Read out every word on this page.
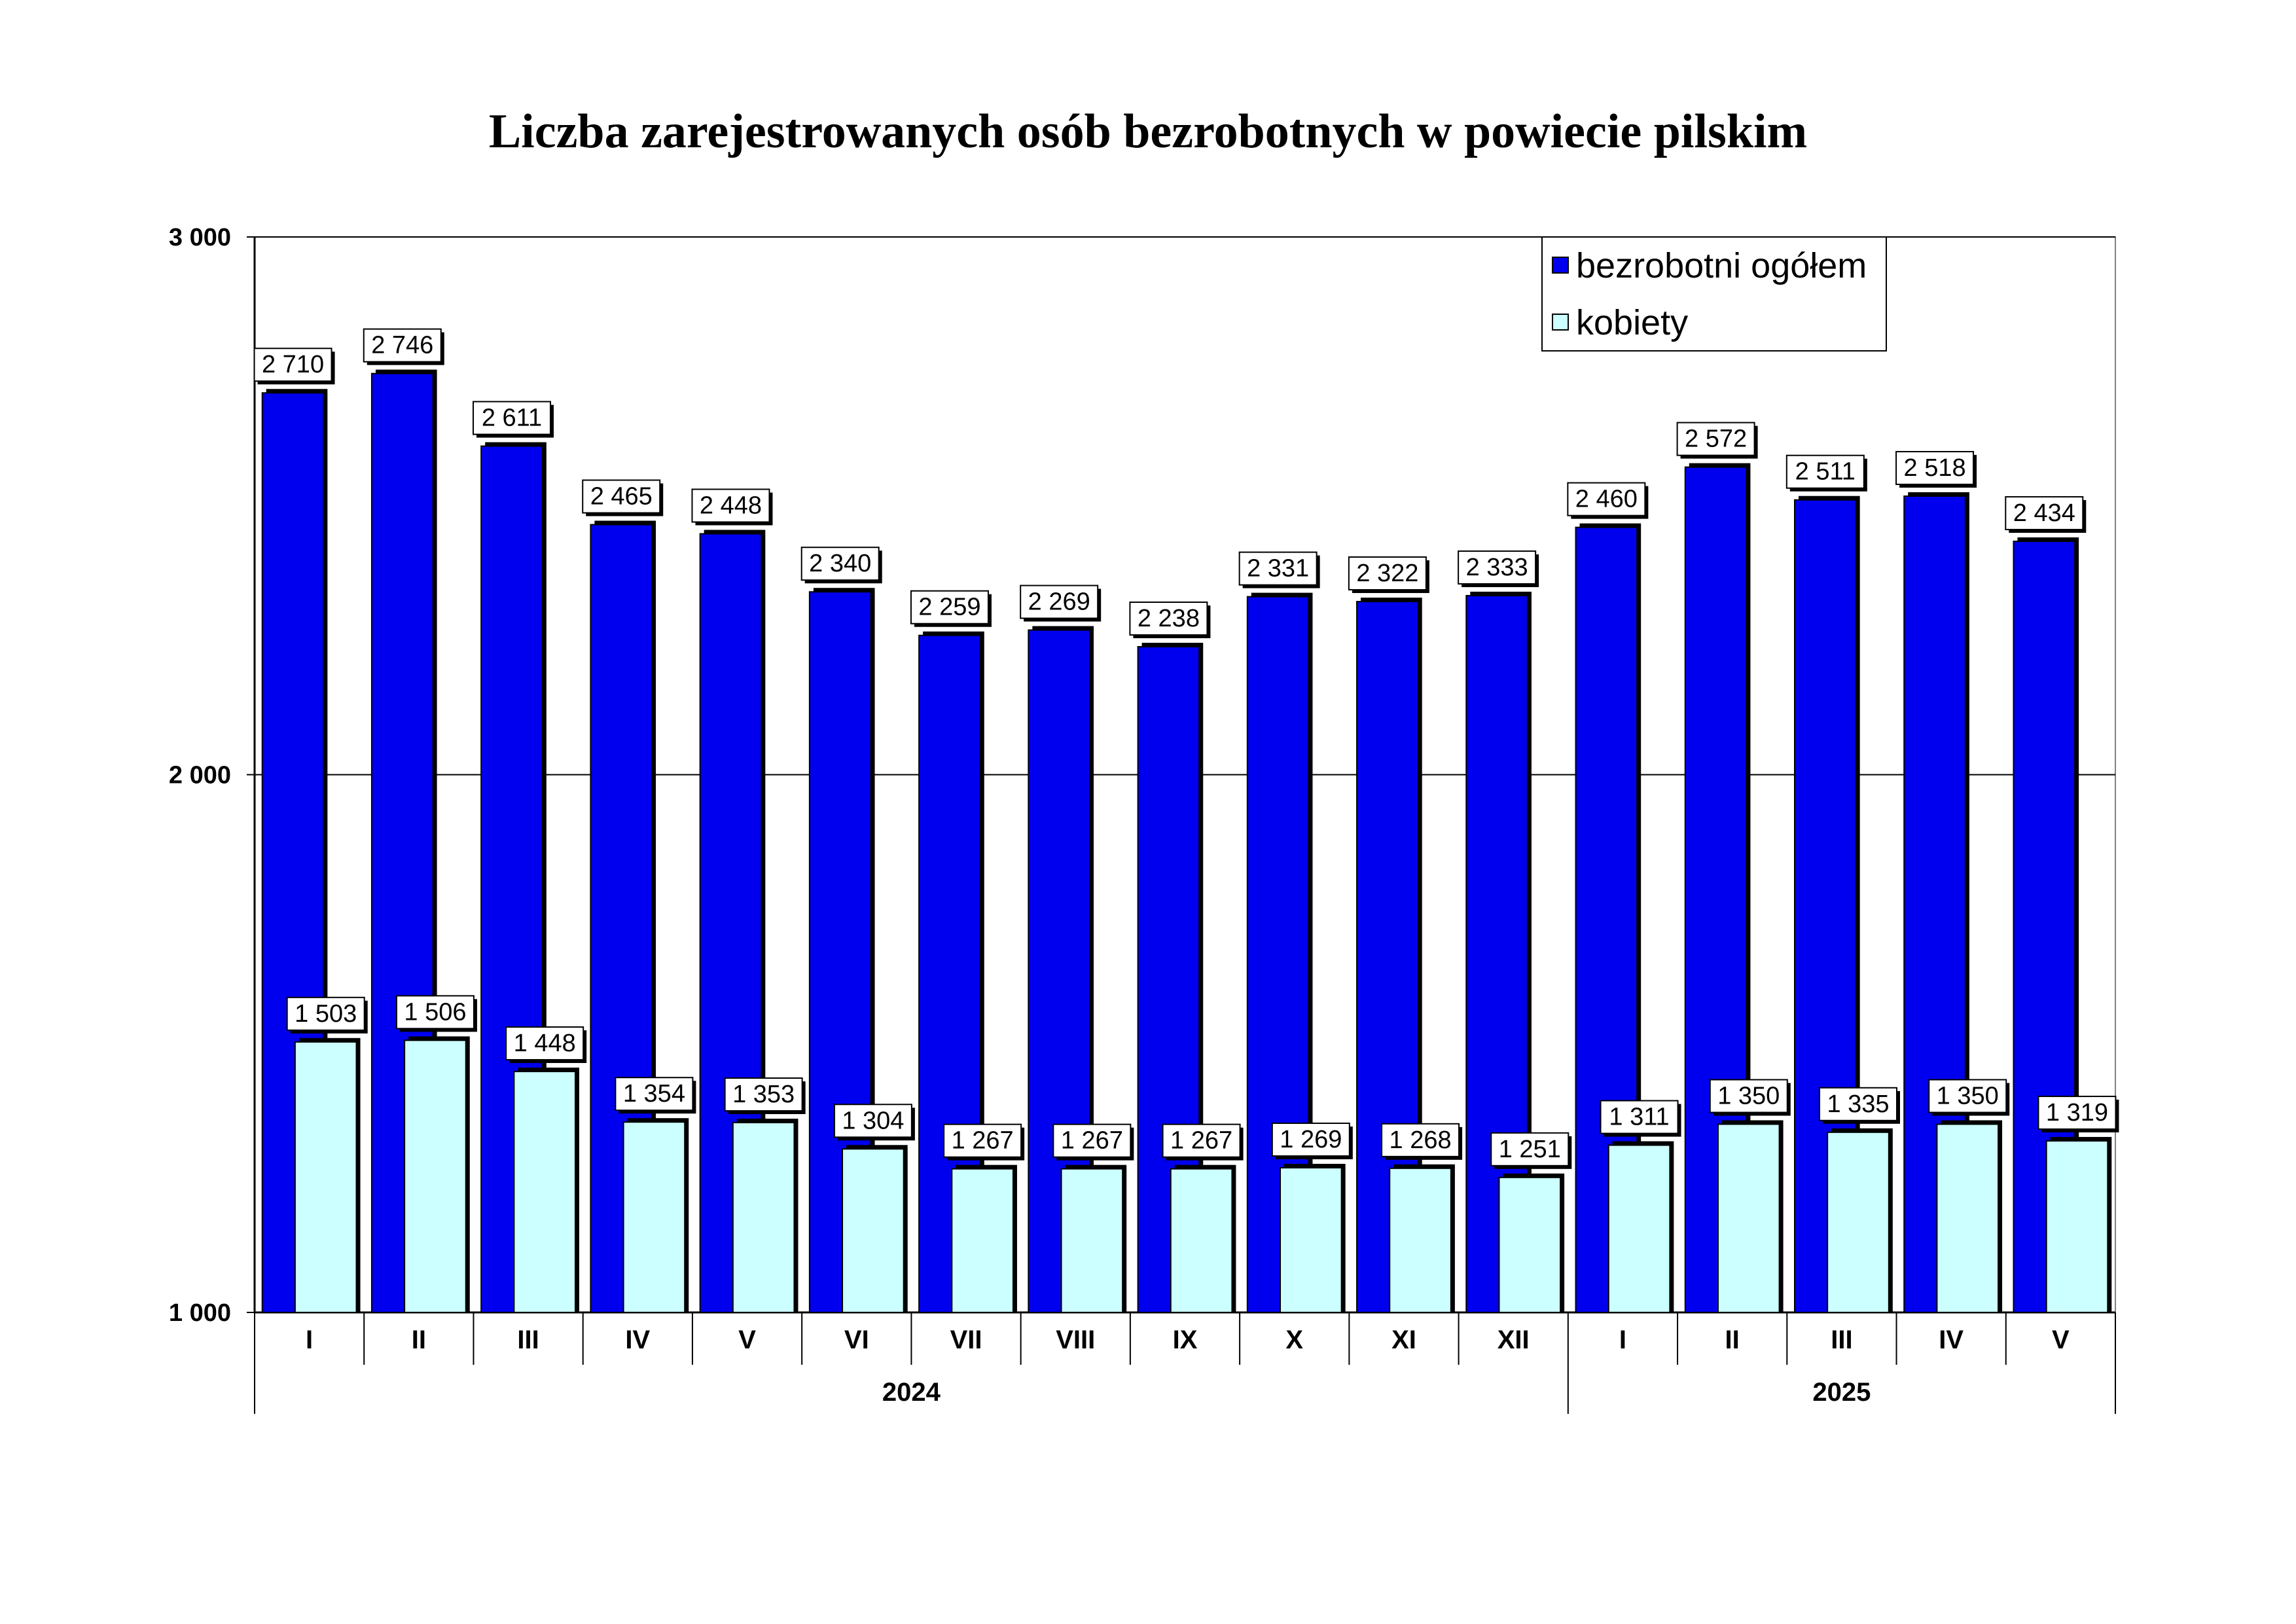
Liczba zarejestrowanych osób bezrobotnych w powiecie pilskim
1 000
2 000
3 000
I	II	III	IV	V	VI	VII	VIII	IX	X	XI	XII	I	II	III	IV	V
2024	2025
2 710
1 503
2 746
1 506
2 611
1 448
2 465
1 354
2 448
1 353
2 340
1 304
2 259
1 267
2 269
1 267
2 238
1 267
2 331
1 269
2 322
1 268
2 333
1 251
2 460
1 311
2 572
1 350
2 511
1 335
2 518
1 350
2 434
1 319
bezrobotni ogółem
kobiety
